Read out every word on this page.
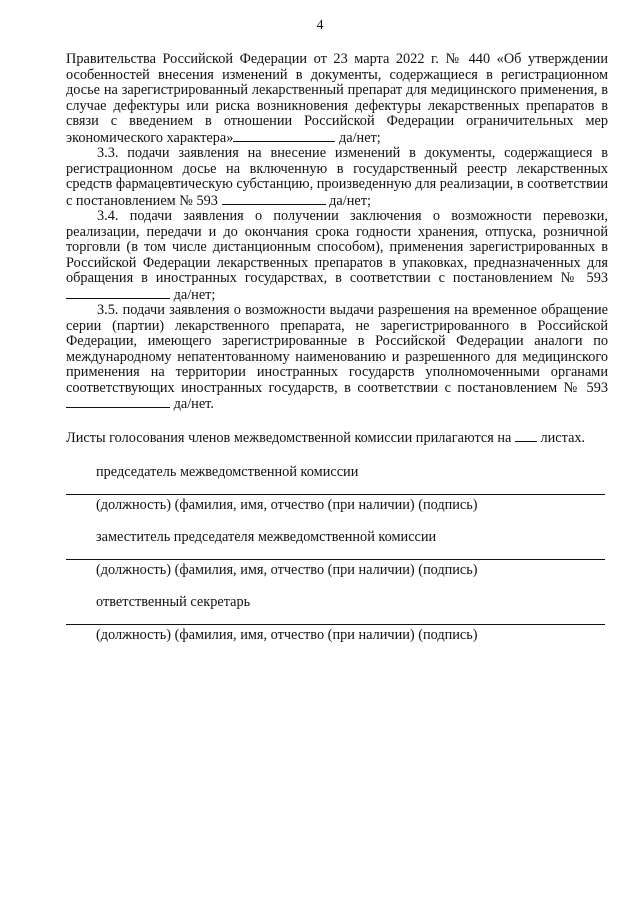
4

Правительства Российской Федерации от 23 марта 2022 г. № 440 «Об утверждении особенностей внесения изменений в документы, содержащиеся в регистрационном досье на зарегистрированный лекарственный препарат для медицинского применения, в случае дефектуры или риска возникновения дефектуры лекарственных препаратов в связи с введением в отношении Российской Федерации ограничительных мер экономического характера»	да/нет;

3.3. подачи заявления на внесение изменений в документы, содержащиеся в регистрационном досье на включенную в государственный реестр лекарственных средств фармацевтическую субстанцию, произведенную для реализации, в соответствии с постановлением № 593	да/нет;

3.4. подачи заявления о получении заключения о возможности перевозки, реализации, передачи и до окончания срока годности хранения, отпуска, розничной торговли (в том числе дистанционным способом), применения зарегистрированных в Российской Федерации лекарственных препаратов в упаковках, предназначенных для обращения в иностранных государствах, в соответствии с постановлением № 593 да/нет;

3.5. подачи заявления о возможности выдачи разрешения на временное обращение серии (партии) лекарственного препарата, не зарегистрированного в Российской Федерации, имеющего зарегистрированные в Российской Федерации аналоги по международному непатентованному наименованию и разрешенного для медицинского применения на территории иностранных государств уполномоченными органами соответствующих иностранных государств, в соответствии с постановлением № 593 да/нет.

Листы голосования членов межведомственной комиссии прилагаются на  листах.

председатель межведомственной комиссии

(должность) (фамилия, имя, отчество (при наличии) (подпись)

заместитель председателя межведомственной комиссии

(должность) (фамилия, имя, отчество (при наличии) (подпись)

ответственный секретарь

(должность) (фамилия, имя, отчество (при наличии) (подпись)
